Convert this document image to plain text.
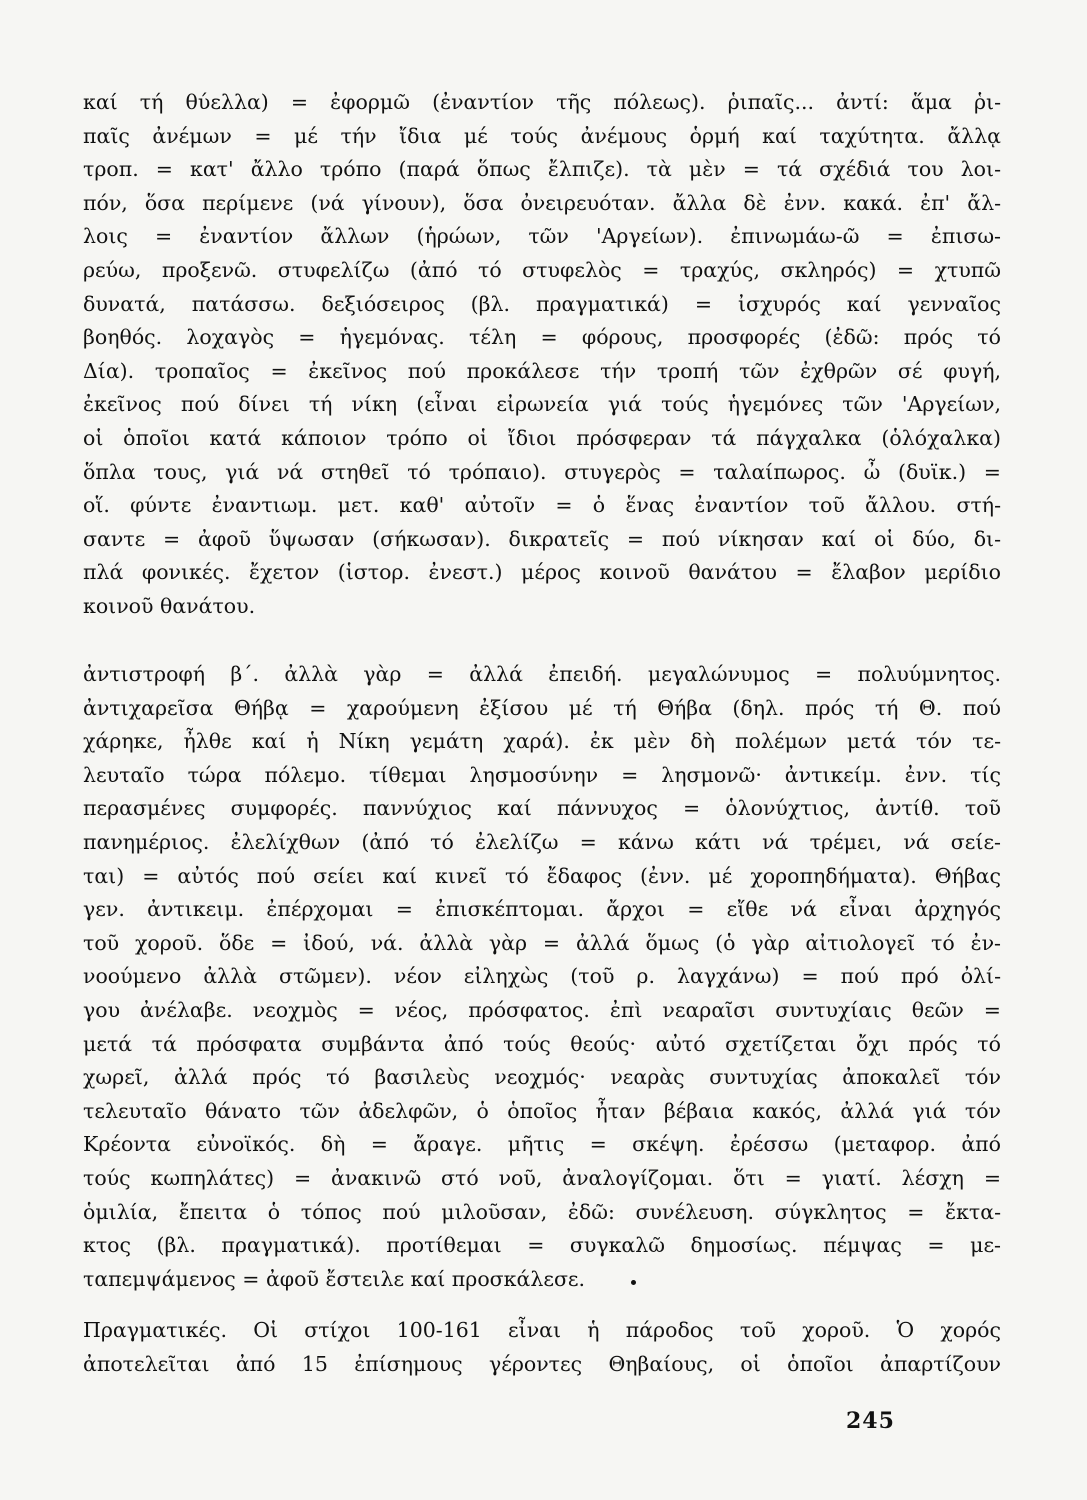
καί τή θύελλα) = ἐφορμῶ (ἐναντίον τῆς πόλεως). ῥιπαῖς... ἀντί: ἅμα ῥι-
παῖς ἀνέμων = μέ τήν ἴδια μέ τούς ἀνέμους ὁρμή καί ταχύτητα. ἄλλᾳ
τροπ. = κατ' ἄλλο τρόπο (παρά ὅπως ἔλπιζε). τὰ μὲν = τά σχέδιά του λοι-
πόν, ὅσα περίμενε (νά γίνουν), ὅσα ὀνειρευόταν. ἄλλα δὲ ἐνν. κακά. ἐπ' ἄλ-
λοις = ἐναντίον ἄλλων (ἡρώων, τῶν 'Αργείων). ἐπινωμάω-ῶ = ἐπισω-
ρεύω, προξενῶ. στυφελίζω (ἀπό τό στυφελὸς = τραχύς, σκληρός) = χτυπῶ
δυνατά, πατάσσω. δεξιόσειρος (βλ. πραγματικά) = ἰσχυρός καί γενναῖος
βοηθός. λοχαγὸς = ἡγεμόνας. τέλη = φόρους, προσφορές (ἐδῶ: πρός τό
Δία). τροπαῖος = ἐκεῖνος πού προκάλεσε τήν τροπή τῶν ἐχθρῶν σέ φυγή,
ἐκεῖνος πού δίνει τή νίκη (εἶναι εἰρωνεία γιά τούς ἡγεμόνες τῶν 'Αργείων,
οἱ ὁποῖοι κατά κάποιον τρόπο οἱ ἴδιοι πρόσφεραν τά πάγχαλκα (ὁλόχαλκα)
ὅπλα τους, γιά νά στηθεῖ τό τρόπαιο). στυγερὸς = ταλαίπωρος. ὦ (δυϊκ.) =
οἵ. φύντε ἐναντιωμ. μετ. καθ' αὐτοῖν = ὁ ἕνας ἐναντίον τοῦ ἄλλου. στή-
σαντε = ἀφοῦ ὕψωσαν (σήκωσαν). δικρατεῖς = πού νίκησαν καί οἱ δύο, δι-
πλά φονικές. ἔχετον (ἱστορ. ἐνεστ.) μέρος κοινοῦ θανάτου = ἔλαβον μερίδιο
κοινοῦ θανάτου.
ἀντιστροφή β΄. ἀλλὰ γὰρ = ἀλλά ἐπειδή. μεγαλώνυμος = πολυύμνητος.
ἀντιχαρεῖσα Θήβᾳ = χαρούμενη ἐξίσου μέ τή Θήβα (δηλ. πρός τή Θ. πού
χάρηκε, ἦλθε καί ἡ Νίκη γεμάτη χαρά). ἐκ μὲν δὴ πολέμων μετά τόν τε-
λευταῖο τώρα πόλεμο. τίθεμαι λησμοσύνην = λησμονῶ· ἀντικείμ. ἐνν. τίς
περασμένες συμφορές. παννύχιος καί πάννυχος = ὁλονύχτιος, ἀντίθ. τοῦ
πανημέριος. ἐλελίχθων (ἀπό τό ἐλελίζω = κάνω κάτι νά τρέμει, νά σείε-
ται) = αὐτός πού σείει καί κινεῖ τό ἔδαφος (ἐνν. μέ χοροπηδήματα). Θήβας
γεν. ἀντικειμ. ἐπέρχομαι = ἐπισκέπτομαι. ἄρχοι = εἴθε νά εἶναι ἀρχηγός
τοῦ χοροῦ. ὅδε = ἰδού, νά. ἀλλὰ γὰρ = ἀλλά ὅμως (ὁ γὰρ αἰτιολογεῖ τό ἐν-
νοούμενο ἀλλὰ στῶμεν). νέον εἰληχὼς (τοῦ ρ. λαγχάνω) = πού πρό ὀλί-
γου ἀνέλαβε. νεοχμὸς = νέος, πρόσφατος. ἐπὶ νεαραῖσι συντυχίαις θεῶν =
μετά τά πρόσφατα συμβάντα ἀπό τούς θεούς· αὐτό σχετίζεται ὄχι πρός τό
χωρεῖ, ἀλλά πρός τό βασιλεὺς νεοχμός· νεαρὰς συντυχίας ἀποκαλεῖ τόν
τελευταῖο θάνατο τῶν ἀδελφῶν, ὁ ὁποῖος ἦταν βέβαια κακός, ἀλλά γιά τόν
Κρέοντα εὐνοϊκός. δὴ = ἄραγε. μῆτις = σκέψη. ἐρέσσω (μεταφορ. ἀπό
τούς κωπηλάτες) = ἀνακινῶ στό νοῦ, ἀναλογίζομαι. ὅτι = γιατί. λέσχη =
ὁμιλία, ἔπειτα ὁ τόπος πού μιλοῦσαν, ἐδῶ: συνέλευση. σύγκλητος = ἔκτα-
κτος (βλ. πραγματικά). προτίθεμαι = συγκαλῶ δημοσίως. πέμψας = με-
ταπεμψάμενος = ἀφοῦ ἔστειλε καί προσκάλεσε.
Πραγματικές. Οἱ στίχοι 100-161 εἶναι ἡ πάροδος τοῦ χοροῦ. Ὁ χορός
ἀποτελεῖται ἀπό 15 ἐπίσημους γέροντες Θηβαίους, οἱ ὁποῖοι ἀπαρτίζουν
245
